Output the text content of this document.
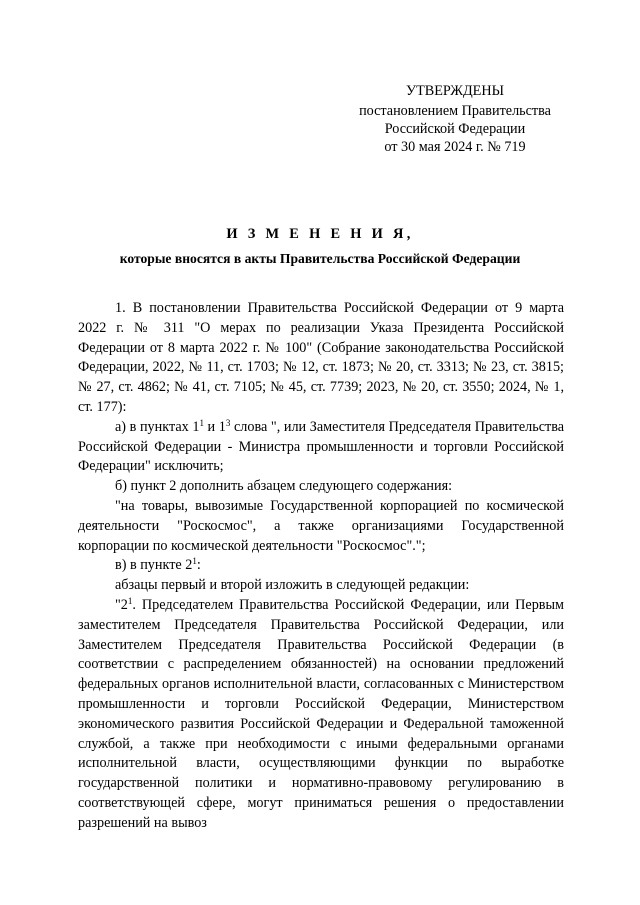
УТВЕРЖДЕНЫ
постановлением Правительства
Российской Федерации
от 30 мая 2024 г. № 719
И З М Е Н Е Н И Я,
которые вносятся в акты Правительства Российской Федерации

1. В постановлении Правительства Российской Федерации от 9 марта 2022 г. № 311 "О мерах по реализации Указа Президента Российской Федерации от 8 марта 2022 г. № 100" (Собрание законодательства Российской Федерации, 2022, № 11, ст. 1703; № 12, ст. 1873; № 20, ст. 3313; № 23, ст. 3815; № 27, ст. 4862; № 41, ст. 7105; № 45, ст. 7739; 2023, № 20, ст. 3550; 2024, № 1, ст. 177):

а) в пунктах $1^1$ и $1^3$ слова ", или Заместителя Председателя Правительства Российской Федерации - Министра промышленности и торговли Российской Федерации" исключить;

б) пункт 2 дополнить абзацем следующего содержания:

"на товары, вывозимые Государственной корпорацией по космической деятельности "Роскосмос", а также организациями Государственной корпорации по космической деятельности "Роскосмос".";

в) в пункте $2^1$:

абзацы первый и второй изложить в следующей редакции:

"$2^1$. Председателем Правительства Российской Федерации, или Первым заместителем Председателя Правительства Российской Федерации, или Заместителем Председателя Правительства Российской Федерации (в соответствии с распределением обязанностей) на основании предложений федеральных органов исполнительной власти, согласованных с Министерством промышленности и торговли Российской Федерации, Министерством экономического развития Российской Федерации и Федеральной таможенной службой, а также при необходимости с иными федеральными органами исполнительной власти, осуществляющими функции по выработке государственной политики и нормативно-правовому регулированию в соответствующей сфере, могут приниматься решения о предоставлении разрешений на вывоз
